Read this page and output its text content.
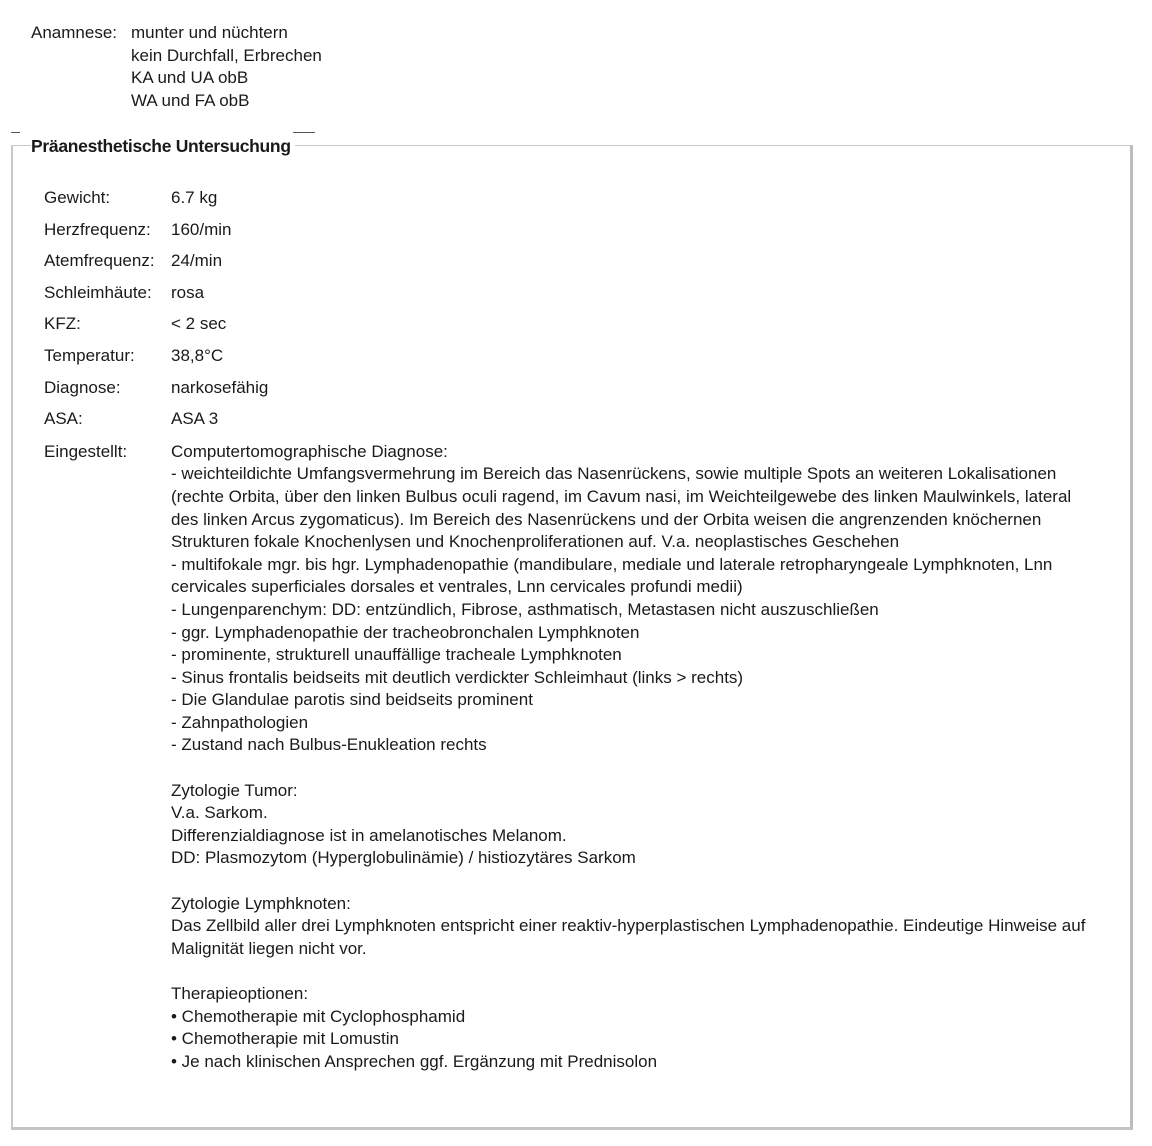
Anamnese: munter und nüchtern
kein Durchfall, Erbrechen
KA und UA obB
WA und FA obB
Präanesthetische Untersuchung
Gewicht:	6.7 kg
Herzfrequenz:	160/min
Atemfrequenz: 24/min
Schleimhäute:	rosa
KFZ:	< 2 sec
Temperatur:	38,8°C
Diagnose:	narkosefähig
ASA:	ASA 3
Eingestellt:	Computertomographische Diagnose:

- weichteildichte Umfangsvermehrung im Bereich das Nasenrückens, sowie multiple Spots an weiteren Lokalisationen (rechte Orbita, über den linken Bulbus oculi ragend, im Cavum nasi, im Weichteilgewebe des linken Maulwinkels, lateral des linken Arcus zygomaticus). Im Bereich des Nasenrückens und der Orbita weisen die angrenzenden knöchernen Strukturen fokale Knochenlysen und Knochenproliferationen auf. V.a. neoplastisches Geschehen

- multifokale mgr. bis hgr. Lymphadenopathie (mandibulare, mediale und laterale retropharyngeale Lymphknoten, Lnn cervicales superficiales dorsales et ventrales, Lnn cervicales profundi medii)

- Lungenparenchym: DD: entzündlich, Fibrose, asthmatisch, Metastasen nicht auszuschließen

- ggr. Lymphadenopathie der tracheobronchalen Lymphknoten

- prominente, strukturell unauffällige tracheale Lymphknoten

- Sinus frontalis beidseits mit deutlich verdickter Schleimhaut (links > rechts)

- Die Glandulae parotis sind beidseits prominent

- Zahnpathologien

- Zustand nach Bulbus-Enukleation rechts

Zytologie Tumor:

V.a. Sarkom.

Differenzialdiagnose ist in amelanotisches Melanom.

DD: Plasmozytom (Hyperglobulinämie) / histiozytäres Sarkom

Zytologie Lymphknoten:

Das Zellbild aller drei Lymphknoten entspricht einer reaktiv-hyperplastischen Lymphadenopathie. Eindeutige Hinweise auf Malignität liegen nicht vor.

Therapieoptionen:

• Chemotherapie mit Cyclophosphamid

• Chemotherapie mit Lomustin

• Je nach klinischen Ansprechen ggf. Ergänzung mit Prednisolon
